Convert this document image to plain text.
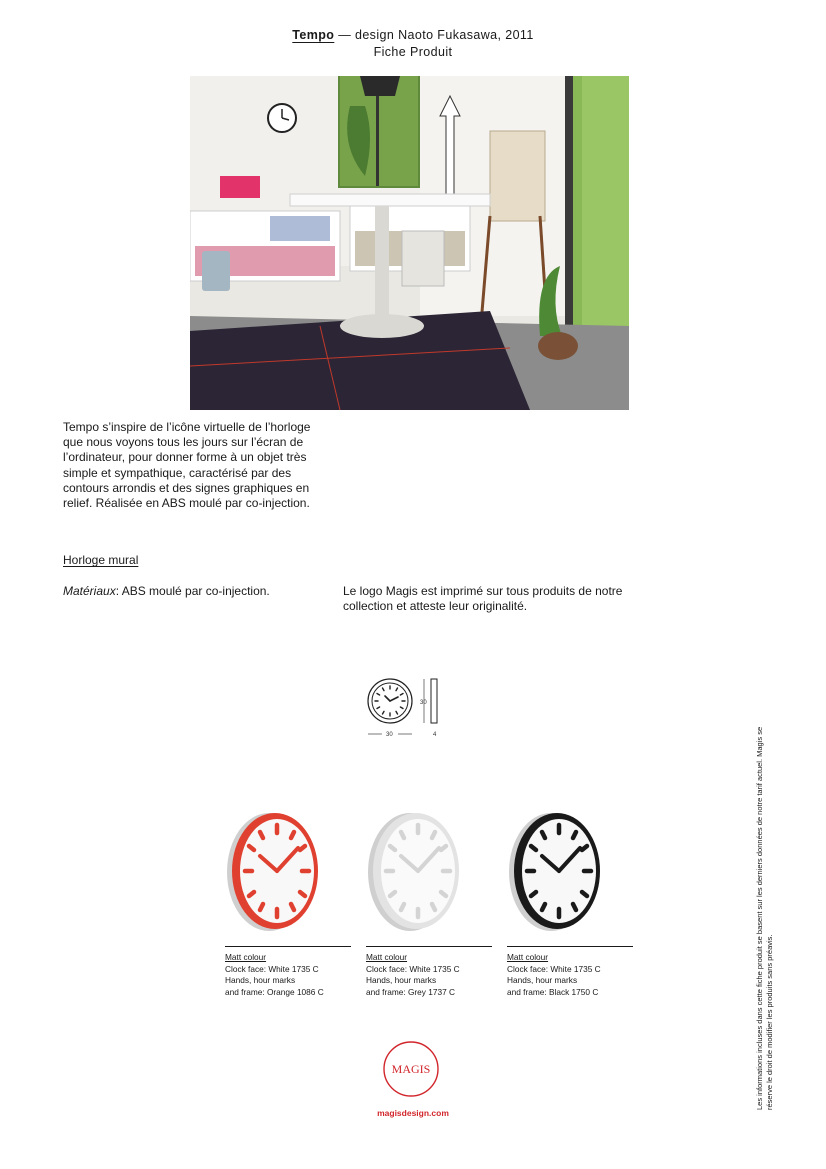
Tempo — design Naoto Fukasawa, 2011
Fiche Produit
Tempo s’inspire de l’icône virtuelle de l’horloge que nous voyons tous les jours sur l’écran de l’ordinateur, pour donner forme à un objet très simple et sympathique, caractérisé par des contours arrondis et des signes graphiques en relief. Réalisée en ABS moulé par co-injection.
Horloge mural
Matériaux: ABS moulé par co-injection.	Le logo Magis est imprimé sur tous produits de notre collection et atteste leur originalité.
30
30	4
Matt colour
Clock face: White 1735 C
Hands, hour marks
and frame: Orange 1086 C
Matt colour
Clock face: White 1735 C
Hands, hour marks
and frame: Grey 1737 C
Matt colour
Clock face: White 1735 C
Hands, hour marks
and frame: Black 1750 C
MAGIS
magisdesign.com
Les informations incluses dans cette fiche produit se basent sur les derniers données de notre tarif actuel. Magis se réserve le droit de modifier les produits sans préavis.
